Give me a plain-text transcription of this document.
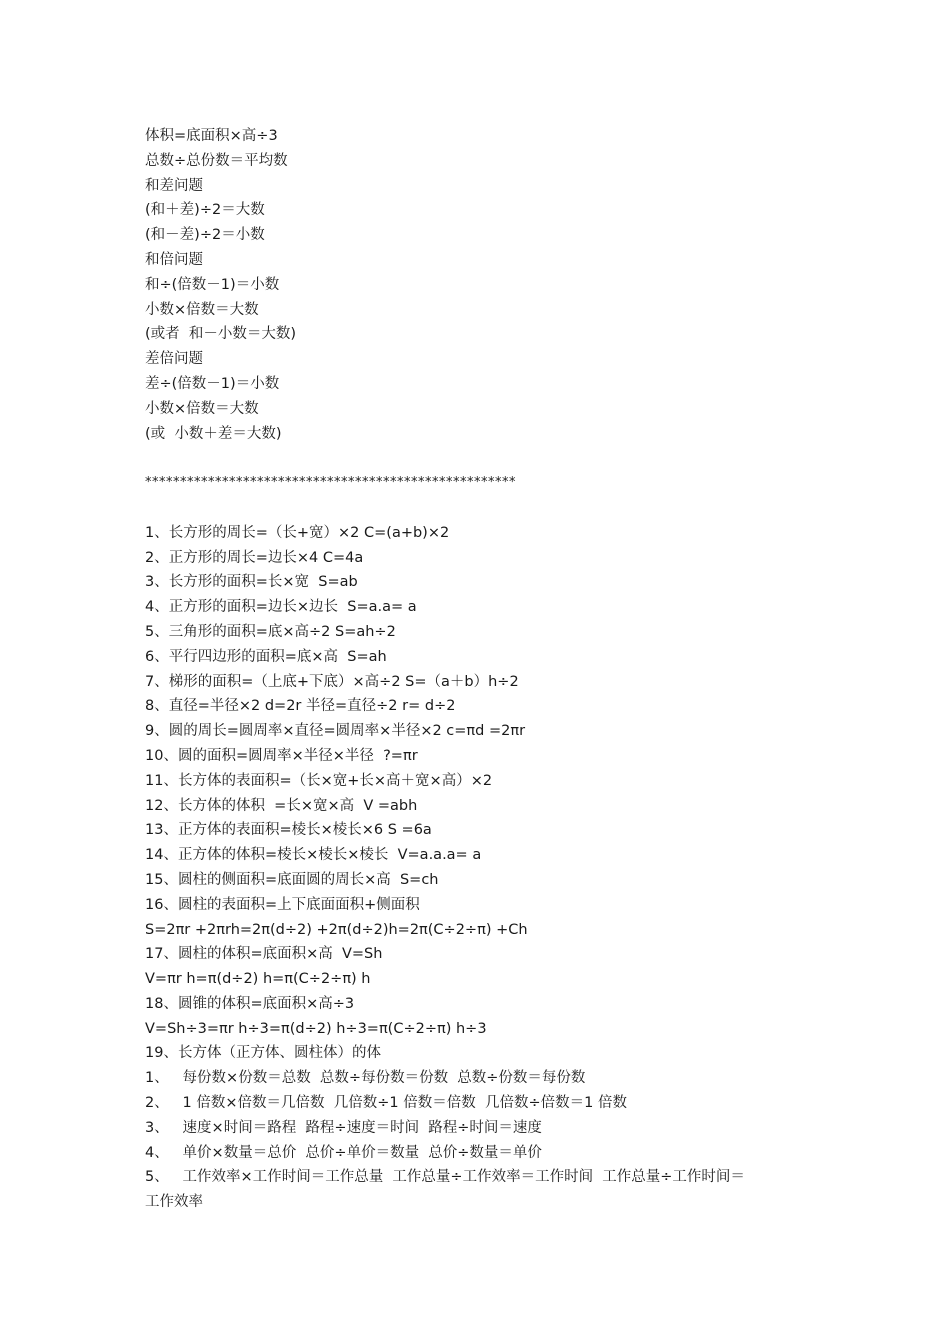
体积=底面积×高÷3
总数÷总份数＝平均数
和差问题
(和＋差)÷2＝大数
(和－差)÷2＝小数
和倍问题
和÷(倍数－1)＝小数
小数×倍数＝大数
(或者  和－小数＝大数)
差倍问题
差÷(倍数－1)＝小数
小数×倍数＝大数
(或  小数＋差＝大数)
*****************************************************
1、长方形的周长=（长+宽）×2 C=(a+b)×2
2、正方形的周长=边长×4 C=4a
3、长方形的面积=长×宽  S=ab
4、正方形的面积=边长×边长  S=a.a= a
5、三角形的面积=底×高÷2 S=ah÷2
6、平行四边形的面积=底×高  S=ah
7、梯形的面积=（上底+下底）×高÷2 S=（a＋b）h÷2
8、直径=半径×2 d=2r 半径=直径÷2 r= d÷2
9、圆的周长=圆周率×直径=圆周率×半径×2 c=πd =2πr
10、圆的面积=圆周率×半径×半径  ?=πr
11、长方体的表面积=（长×宽+长×高＋宽×高）×2
12、长方体的体积  =长×宽×高  V =abh
13、正方体的表面积=棱长×棱长×6 S =6a
14、正方体的体积=棱长×棱长×棱长  V=a.a.a= a
15、圆柱的侧面积=底面圆的周长×高  S=ch
16、圆柱的表面积=上下底面面积+侧面积
S=2πr +2πrh=2π(d÷2) +2π(d÷2)h=2π(C÷2÷π) +Ch
17、圆柱的体积=底面积×高  V=Sh
V=πr h=π(d÷2) h=π(C÷2÷π) h
18、圆锥的体积=底面积×高÷3
V=Sh÷3=πr h÷3=π(d÷2) h÷3=π(C÷2÷π) h÷3
19、长方体（正方体、圆柱体）的体
1、   每份数×份数＝总数  总数÷每份数＝份数  总数÷份数＝每份数
2、   1 倍数×倍数＝几倍数  几倍数÷1 倍数＝倍数  几倍数÷倍数＝1 倍数
3、   速度×时间＝路程  路程÷速度＝时间  路程÷时间＝速度
4、   单价×数量＝总价  总价÷单价＝数量  总价÷数量＝单价
5、   工作效率×工作时间＝工作总量  工作总量÷工作效率＝工作时间  工作总量÷工作时间＝
工作效率
